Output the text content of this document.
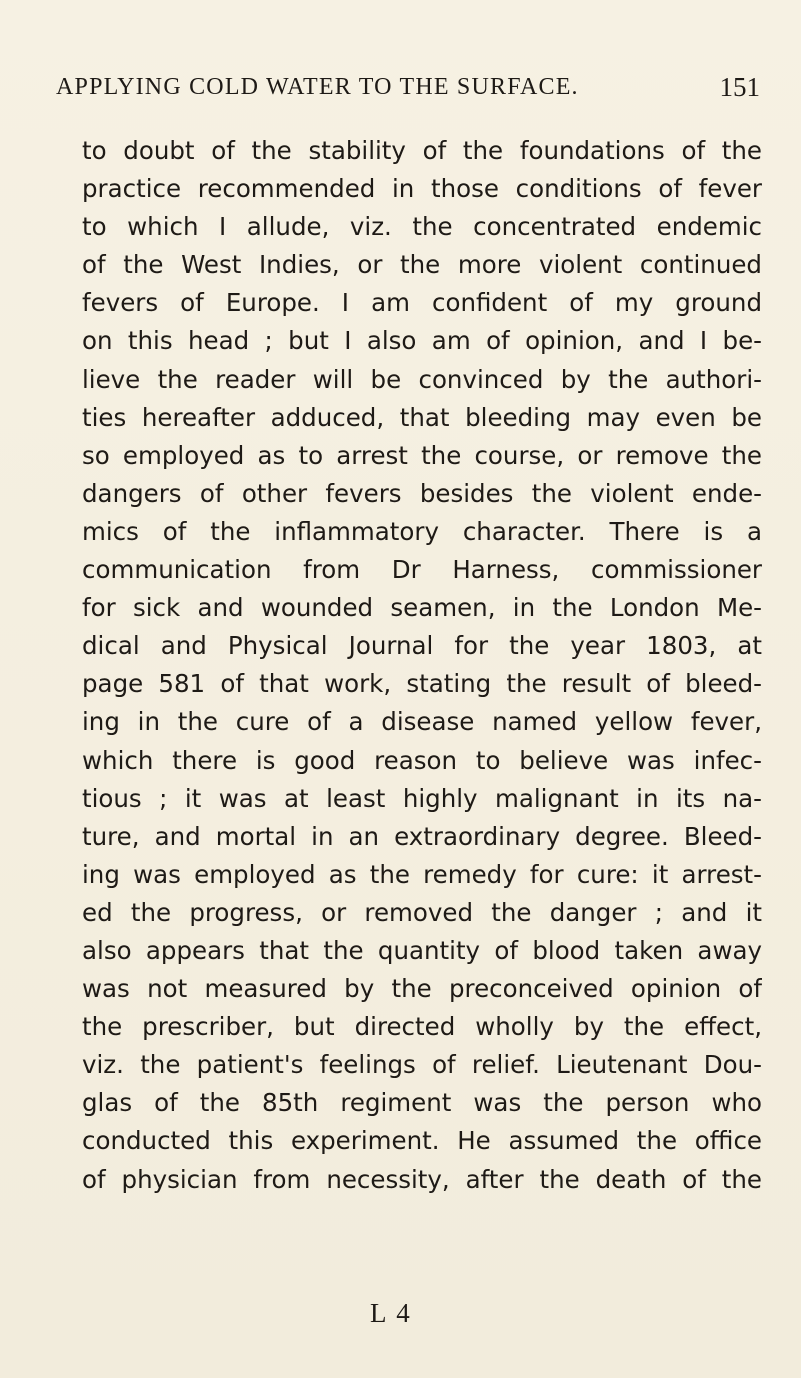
APPLYING COLD WATER TO THE SURFACE.	151
to doubt of the stability of the foundations of the
practice recommended in those conditions of fever
to which I allude, viz. the concentrated endemic
of the West Indies, or the more violent continued
fevers of Europe. I am confident of my ground
on this head ; but I also am of opinion, and I be-
lieve the reader will be convinced by the authori-
ties hereafter adduced, that bleeding may even be
so employed as to arrest the course, or remove the
dangers of other fevers besides the violent ende-
mics of the inflammatory character. There is a
communication from Dr Harness, commissioner
for sick and wounded seamen, in the London Me-
dical and Physical Journal for the year 1803, at
page 581 of that work, stating the result of bleed-
ing in the cure of a disease named yellow fever,
which there is good reason to believe was infec-
tious ; it was at least highly malignant in its na-
ture, and mortal in an extraordinary degree. Bleed-
ing was employed as the remedy for cure: it arrest-
ed the progress, or removed the danger ; and it
also appears that the quantity of blood taken away
was not measured by the preconceived opinion of
the prescriber, but directed wholly by the effect,
viz. the patient's feelings of relief. Lieutenant Dou-
glas of the 85th regiment was the person who
conducted this experiment. He assumed the office
of physician from necessity, after the death of the
L 4
